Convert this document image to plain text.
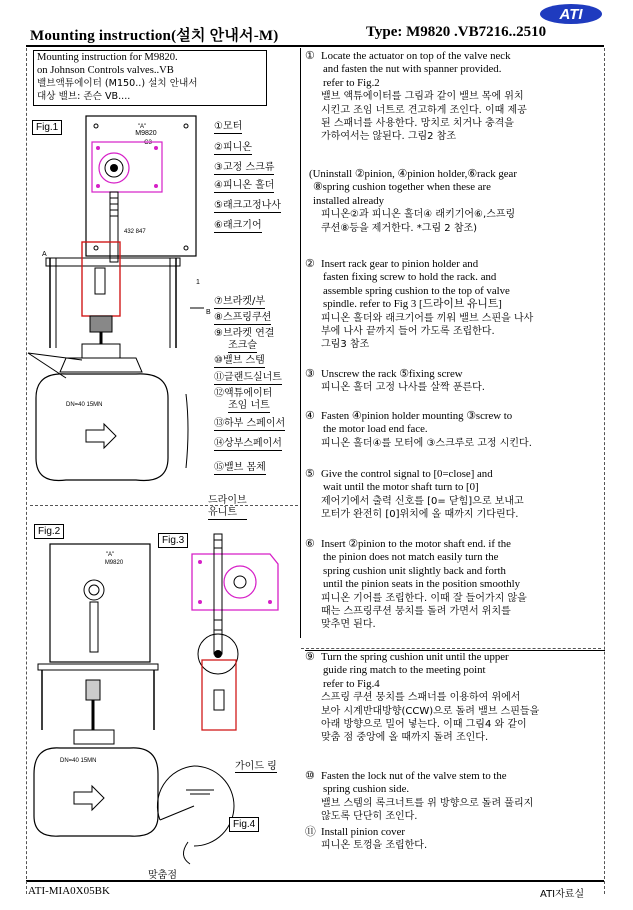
ATI
Mounting instruction(설치 안내서-M)	Type: M9820 .VB7216..2510
Mounting instruction for M9820.
on Johnson Controls valves..VB
밸브액튜에이터 (M150..) 설치 안내서
대상 밸브: 존슨 VB....
"A"
M9820
C3
432 847
A
DN=40 15MN
1
B
Fig.1	①모터
②피니온
③고정 스크류
④피니온 홀더
⑤래크고정나사
⑥래크기어
⑦브라켓/부
⑧스프링쿠션
⑨브라켓 연결
조크슬
⑩밸브 스템
⑪글랜드실너트
⑫액튜에이터
조임 너트
⑬하부 스페이서
⑭상부스페이서
⑮밸브 몸체
Fig.2
"A"
M9820
DN=40 15MN
Fig.3
드라이브
유니트
가이드 링
Fig.4
맞춤점
① Locate the actuator on top of the valve neck
and fasten the nut with spanner provided.
refer to Fig.2
밸브 액튜에이터를 그림과 같이 밸브 목에 위치
시킨고 조임 너트로 견고하게 조인다. 이때 제공
된 스패너를 사용한다. 망치로 치거나 충격을
가하여서는 않된다. 그림2 참조
(Uninstall ②pinion, ④pinion holder,⑥rack gear
⑧spring cushion together when these are
installed already
피니온②과 피니온 홀더④ 래키기어⑥,스프링
쿠션⑧등을 제거한다. *그림 2 참조)
② Insert rack gear to pinion holder and
fasten fixing screw to hold the rack. and
assemble spring cushion to the top of valve
spindle. refer to Fig 3 [드라이브 유니트]
피니온 홀더와 래크기어를 끼워 밸브 스핀을 나사
부에 나사 끝까지 들어 가도록 조립한다.
그림3 참조
③ Unscrew the rack ⑤fixing screw
피니온 홀더 고정 나사를 살짝 푼른다.
④ Fasten ④pinion holder mounting ③screw to
the motor load end face.
피니온 홀더④를 모터에 ③스크루로 고정 시킨다.
⑤ Give the control signal to [0=close] and
wait until the motor shaft turn to [0]
제어기에서 출력 신호를 [0= 닫힘]으로 보내고
모터가 완전히 [0]위치에 올 때까지 기다린다.
⑥ Insert ②pinion to the motor shaft end. if the
the pinion does not match easily turn the
spring cushion unit slightly back and forth
until the pinion seats in the position smoothly
피니온 기어를 조립한다. 이때 잘 들어가지 않을
때는 스프링쿠션 뭉치를 돌려 가면서 위치를
맞추면 된다.
⑨ Turn the spring cushion unit until the upper
guide ring match to the meeting point
refer to Fig.4
스프링 쿠션 뭉치를 스패너를 이용하여 위에서
보아 시계반대방향(CCW)으로 돌려 밸브 스핀들을
아래 방향으로 밀어 넣는다. 이때 그림4 와 같이
맞춤 점 중앙에 올 때까지 돌려 조인다.
⑩ Fasten the lock nut of the valve stem to the
spring cushion side.
밸브 스템의 록크너트를 위 방향으로 돌려 풀리지
않도록 단단히 조인다.
⑪ Install pinion cover
피니온 토껑을 조립한다.
ATI-MIA0X05BK	ATI자료실
